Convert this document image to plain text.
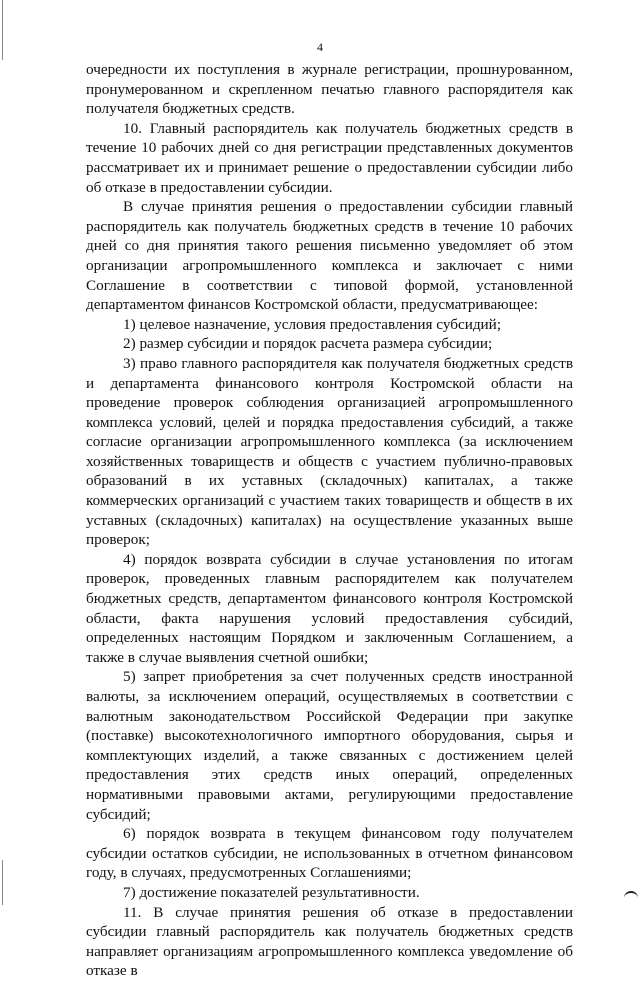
4

очередности их поступления в журнале регистрации, прошнурованном, пронумерованном и скрепленном печатью главного распорядителя как получателя бюджетных средств.

10. Главный распорядитель как получатель бюджетных средств в течение 10 рабочих дней со дня регистрации представленных документов рассматривает их и принимает решение о предоставлении субсидии либо об отказе в предоставлении субсидии.

В случае принятия решения о предоставлении субсидии главный распорядитель как получатель бюджетных средств в течение 10 рабочих дней со дня принятия такого решения письменно уведомляет об этом организации агропромышленного комплекса и заключает с ними Соглашение в соответствии с типовой формой, установленной департаментом финансов Костромской области, предусматривающее:

1) целевое назначение, условия предоставления субсидий;

2) размер субсидии и порядок расчета размера субсидии;

3) право главного распорядителя как получателя бюджетных средств и департамента финансового контроля Костромской области на проведение проверок соблюдения организацией агропромышленного комплекса условий, целей и порядка предоставления субсидий, а также согласие организации агропромышленного комплекса (за исключением хозяйственных товариществ и обществ с участием публично-правовых образований в их уставных (складочных) капиталах, а также коммерческих организаций с участием таких товариществ и обществ в их уставных (складочных) капиталах) на осуществление указанных выше проверок;

4) порядок возврата субсидии в случае установления по итогам проверок, проведенных главным распорядителем как получателем бюджетных средств, департаментом финансового контроля Костромской области, факта нарушения условий предоставления субсидий, определенных настоящим Порядком и заключенным Соглашением, а также в случае выявления счетной ошибки;

5) запрет приобретения за счет полученных средств иностранной валюты, за исключением операций, осуществляемых в соответствии с валютным законодательством Российской Федерации при закупке (поставке) высокотехнологичного импортного оборудования, сырья и комплектующих изделий, а также связанных с достижением целей предоставления этих средств иных операций, определенных нормативными правовыми актами, регулирующими предоставление субсидий;

6) порядок возврата в текущем финансовом году получателем субсидии остатков субсидии, не использованных в отчетном финансовом году, в случаях, предусмотренных Соглашениями;

7) достижение показателей результативности.

11. В случае принятия решения об отказе в предоставлении субсидии главный распорядитель как получатель бюджетных средств направляет организациям агропромышленного комплекса уведомление об отказе в
